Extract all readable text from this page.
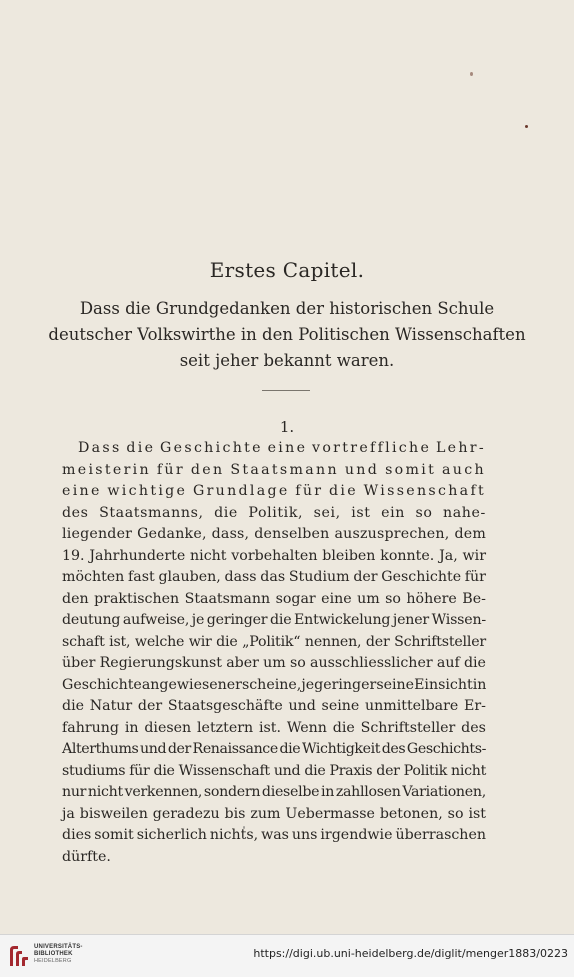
Erstes Capitel.
Dass die Grundgedanken der historischen Schule
deutscher Volkswirthe in den Politischen Wissenschaften
seit jeher bekannt waren.
1.
Dass die Geschichte eine vortreffliche Lehr-
meisterin für den Staatsmann und somit auch
eine wichtige Grundlage für die Wissenschaft
des Staatsmanns, die Politik, sei, ist ein so nahe-
liegender Gedanke, dass, denselben auszusprechen, dem
19. Jahrhunderte nicht vorbehalten bleiben konnte. Ja, wir
möchten fast glauben, dass das Studium der Geschichte für
den praktischen Staatsmann sogar eine um so höhere Be-
deutung aufweise, je geringer die Entwickelung jener Wissen-
schaft ist, welche wir die „Politik“ nennen, der Schriftsteller
über Regierungskunst aber um so ausschliesslicher auf die
Geschichte angewiesen erscheine, je geringer seine Einsicht in
die Natur der Staatsgeschäfte und seine unmittelbare Er-
fahrung in diesen letztern ist. Wenn die Schriftsteller des
Alterthums und der Renaissance die Wichtigkeit des Geschichts-
studiums für die Wissenschaft und die Praxis der Politik nicht
nur nicht verkennen, sondern dieselbe in zahllosen Variationen,
ja bisweilen geradezu bis zum Uebermasse betonen, so ist
dies somit sicherlich nichts, was uns irgendwie überraschen
dürfte.
UNIVERSITÄTS-
BIBLIOTHEK
HEIDELBERG
https://digi.ub.uni-heidelberg.de/diglit/menger1883/0223
